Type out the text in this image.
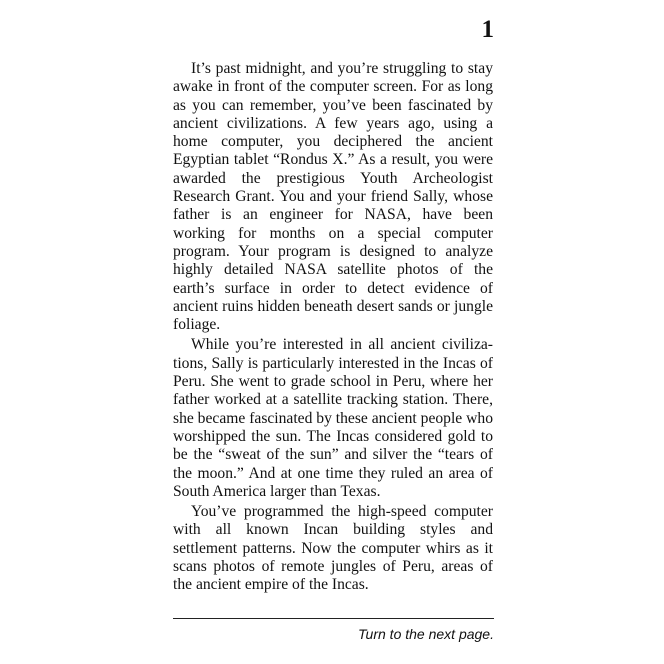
1

It’s past midnight, and you’re struggling to stay awake in front of the computer screen. For as long as you can remember, you’ve been fascinated by ancient civilizations. A few years ago, using a home computer, you deciphered the ancient Egyptian tablet “Rondus X.” As a result, you were awarded the prestigious Youth Archeologist Research Grant. You and your friend Sally, whose father is an engineer for NASA, have been working for months on a special computer program. Your program is designed to analyze highly detailed NASA satellite photos of the earth’s surface in order to detect evidence of ancient ruins hidden beneath desert sands or jungle foliage.

While you’re interested in all ancient civilizations, Sally is particularly interested in the Incas of Peru. She went to grade school in Peru, where her father worked at a satellite tracking station. There, she became fascinated by these ancient people who worshipped the sun. The Incas considered gold to be the “sweat of the sun” and silver the “tears of the moon.” And at one time they ruled an area of South America larger than Texas.

You’ve programmed the high-speed computer with all known Incan building styles and settlement patterns. Now the computer whirs as it scans photos of remote jungles of Peru, areas of the ancient empire of the Incas.

Turn to the next page.
